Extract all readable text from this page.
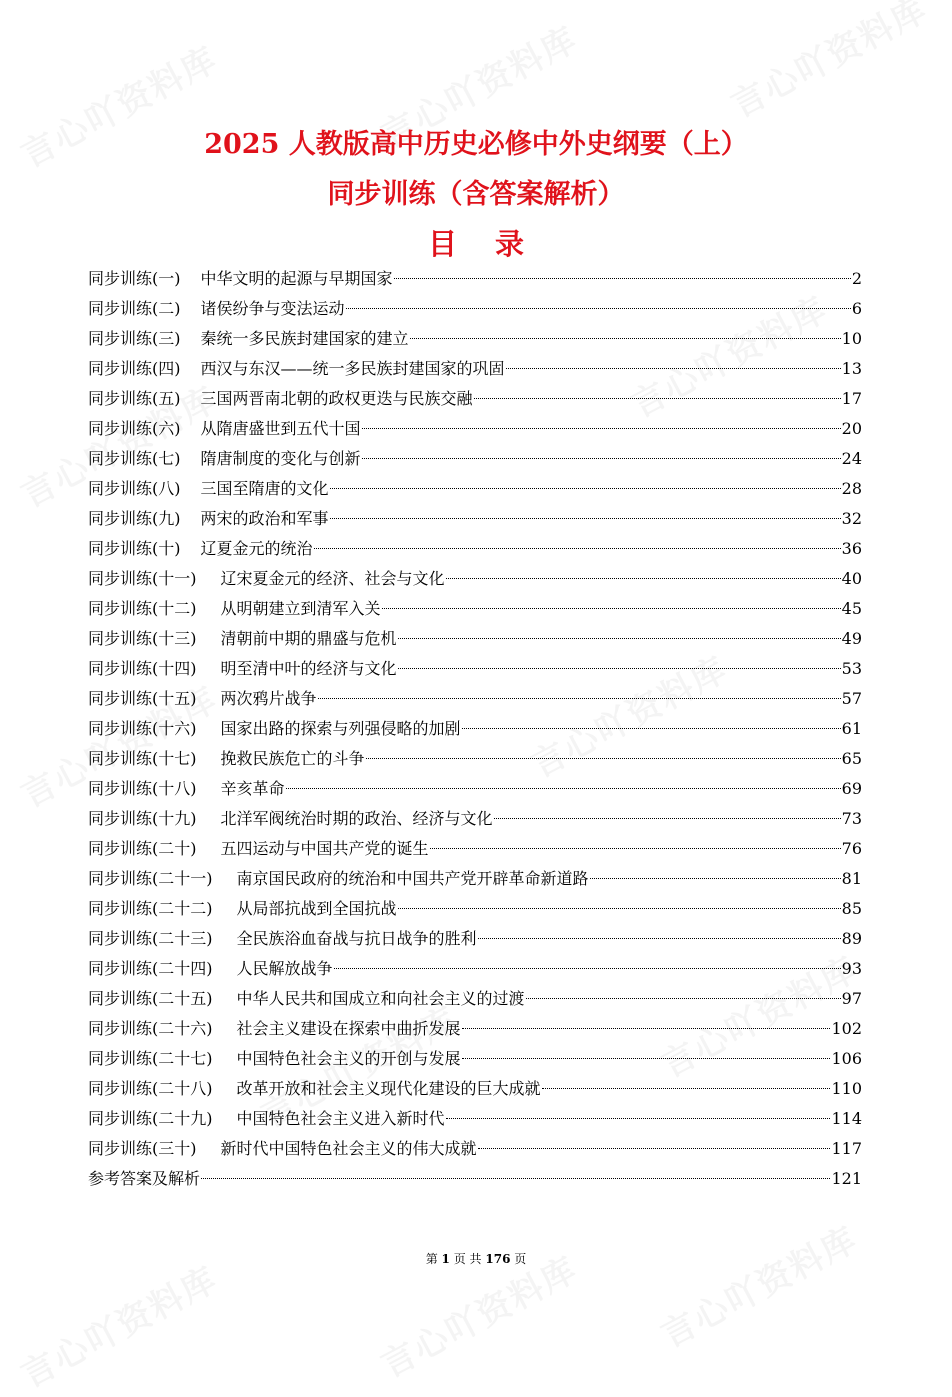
2025 人教版高中历史必修中外史纲要（上）
同步训练（含答案解析）
目 录
同步训练(一) 中华文明的起源与早期国家	2
同步训练(二) 诸侯纷争与变法运动	6
同步训练(三) 秦统一多民族封建国家的建立	10
同步训练(四) 西汉与东汉——统一多民族封建国家的巩固	13
同步训练(五) 三国两晋南北朝的政权更迭与民族交融	17
同步训练(六) 从隋唐盛世到五代十国	20
同步训练(七) 隋唐制度的变化与创新	24
同步训练(八) 三国至隋唐的文化	28
同步训练(九) 两宋的政治和军事	32
同步训练(十) 辽夏金元的统治	36
同步训练(十一) 辽宋夏金元的经济、社会与文化	40
同步训练(十二) 从明朝建立到清军入关	45
同步训练(十三) 清朝前中期的鼎盛与危机	49
同步训练(十四) 明至清中叶的经济与文化	53
同步训练(十五) 两次鸦片战争	57
同步训练(十六) 国家出路的探索与列强侵略的加剧	61
同步训练(十七) 挽救民族危亡的斗争	65
同步训练(十八) 辛亥革命	69
同步训练(十九) 北洋军阀统治时期的政治、经济与文化	73
同步训练(二十) 五四运动与中国共产党的诞生	76
同步训练(二十一) 南京国民政府的统治和中国共产党开辟革命新道路	81
同步训练(二十二) 从局部抗战到全国抗战	85
同步训练(二十三) 全民族浴血奋战与抗日战争的胜利	89
同步训练(二十四) 人民解放战争	93
同步训练(二十五) 中华人民共和国成立和向社会主义的过渡	97
同步训练(二十六) 社会主义建设在探索中曲折发展	102
同步训练(二十七) 中国特色社会主义的开创与发展	106
同步训练(二十八) 改革开放和社会主义现代化建设的巨大成就	110
同步训练(二十九) 中国特色社会主义进入新时代	114
同步训练(三十) 新时代中国特色社会主义的伟大成就	117
参考答案及解析	121
第 1 页 共 176 页
